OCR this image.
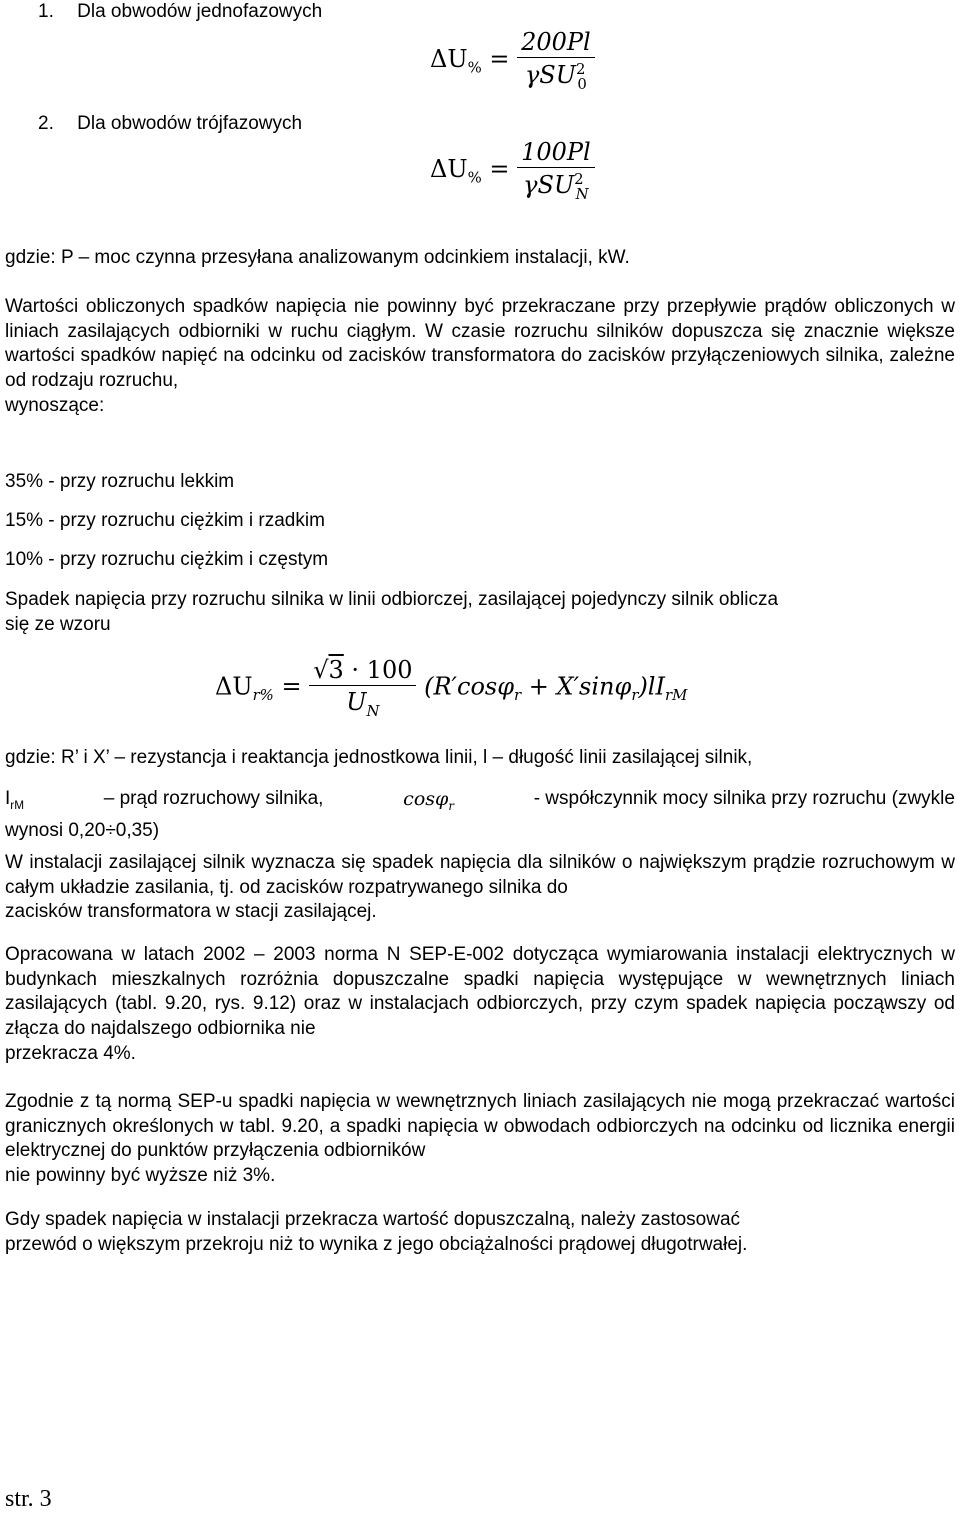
1. Dla obwodów jednofazowych
2. Dla obwodów trójfazowych
$\Delta U_{\%} = \frac{200Pl}{\gamma SU^2_0}$
$\Delta U_{\%} = \frac{100Pl}{\gamma SU^2_N}$
gdzie: P – moc czynna przesyłana analizowanym odcinkiem instalacji, kW.
Wartości obliczonych spadków napięcia nie powinny być przekraczane przy przepływie prądów obliczonych w liniach zasilających odbiorniki w ruchu ciągłym. W czasie rozruchu silników dopuszcza się znacznie większe wartości spadków napięć na odcinku od zacisków transformatora do zacisków przyłączeniowych silnika, zależne od rodzaju rozruchu,
wynoszące:
35% - przy rozruchu lekkim
15% - przy rozruchu ciężkim i rzadkim
10% - przy rozruchu ciężkim i częstym
Spadek napięcia przy rozruchu silnika w linii odbiorczej, zasilającej pojedynczy silnik oblicza
się ze wzoru
$\Delta U_{r\%} = \frac{√3 \cdot 100}{U_N} (R'\cos\varphi_r + X'\sin\varphi_r)lI_{rM}$
gdzie: R’ i X’ – rezystancja i reaktancja jednostkowa linii, l – długość linii zasilającej silnik,
$I_{rM}$	– prąd rozruchowy silnika,	cosφ$_r$	- współczynnik mocy silnika przy rozruchu (zwykle
wynosi 0,20÷0,35)
W instalacji zasilającej silnik wyznacza się spadek napięcia dla silników o największym prądzie rozruchowym w całym układzie zasilania, tj. od zacisków rozpatrywanego silnika do
zacisków transformatora w stacji zasilającej.
Opracowana w latach 2002 – 2003 norma N SEP-E-002 dotycząca wymiarowania instalacji elektrycznych w budynkach mieszkalnych rozróżnia dopuszczalne spadki napięcia występujące w wewnętrznych liniach zasilających (tabl. 9.20, rys. 9.12) oraz w instalacjach odbiorczych, przy czym spadek napięcia począwszy od złącza do najdalszego odbiornika nie
przekracza 4%.
Zgodnie z tą normą SEP-u spadki napięcia w wewnętrznych liniach zasilających nie mogą przekraczać wartości granicznych określonych w tabl. 9.20, a spadki napięcia w obwodach odbiorczych na odcinku od licznika energii elektrycznej do punktów przyłączenia odbiorników
nie powinny być wyższe niż 3%.
Gdy spadek napięcia w instalacji przekracza wartość dopuszczalną, należy zastosować
przewód o większym przekroju niż to wynika z jego obciążalności prądowej długotrwałej.
str. 3
